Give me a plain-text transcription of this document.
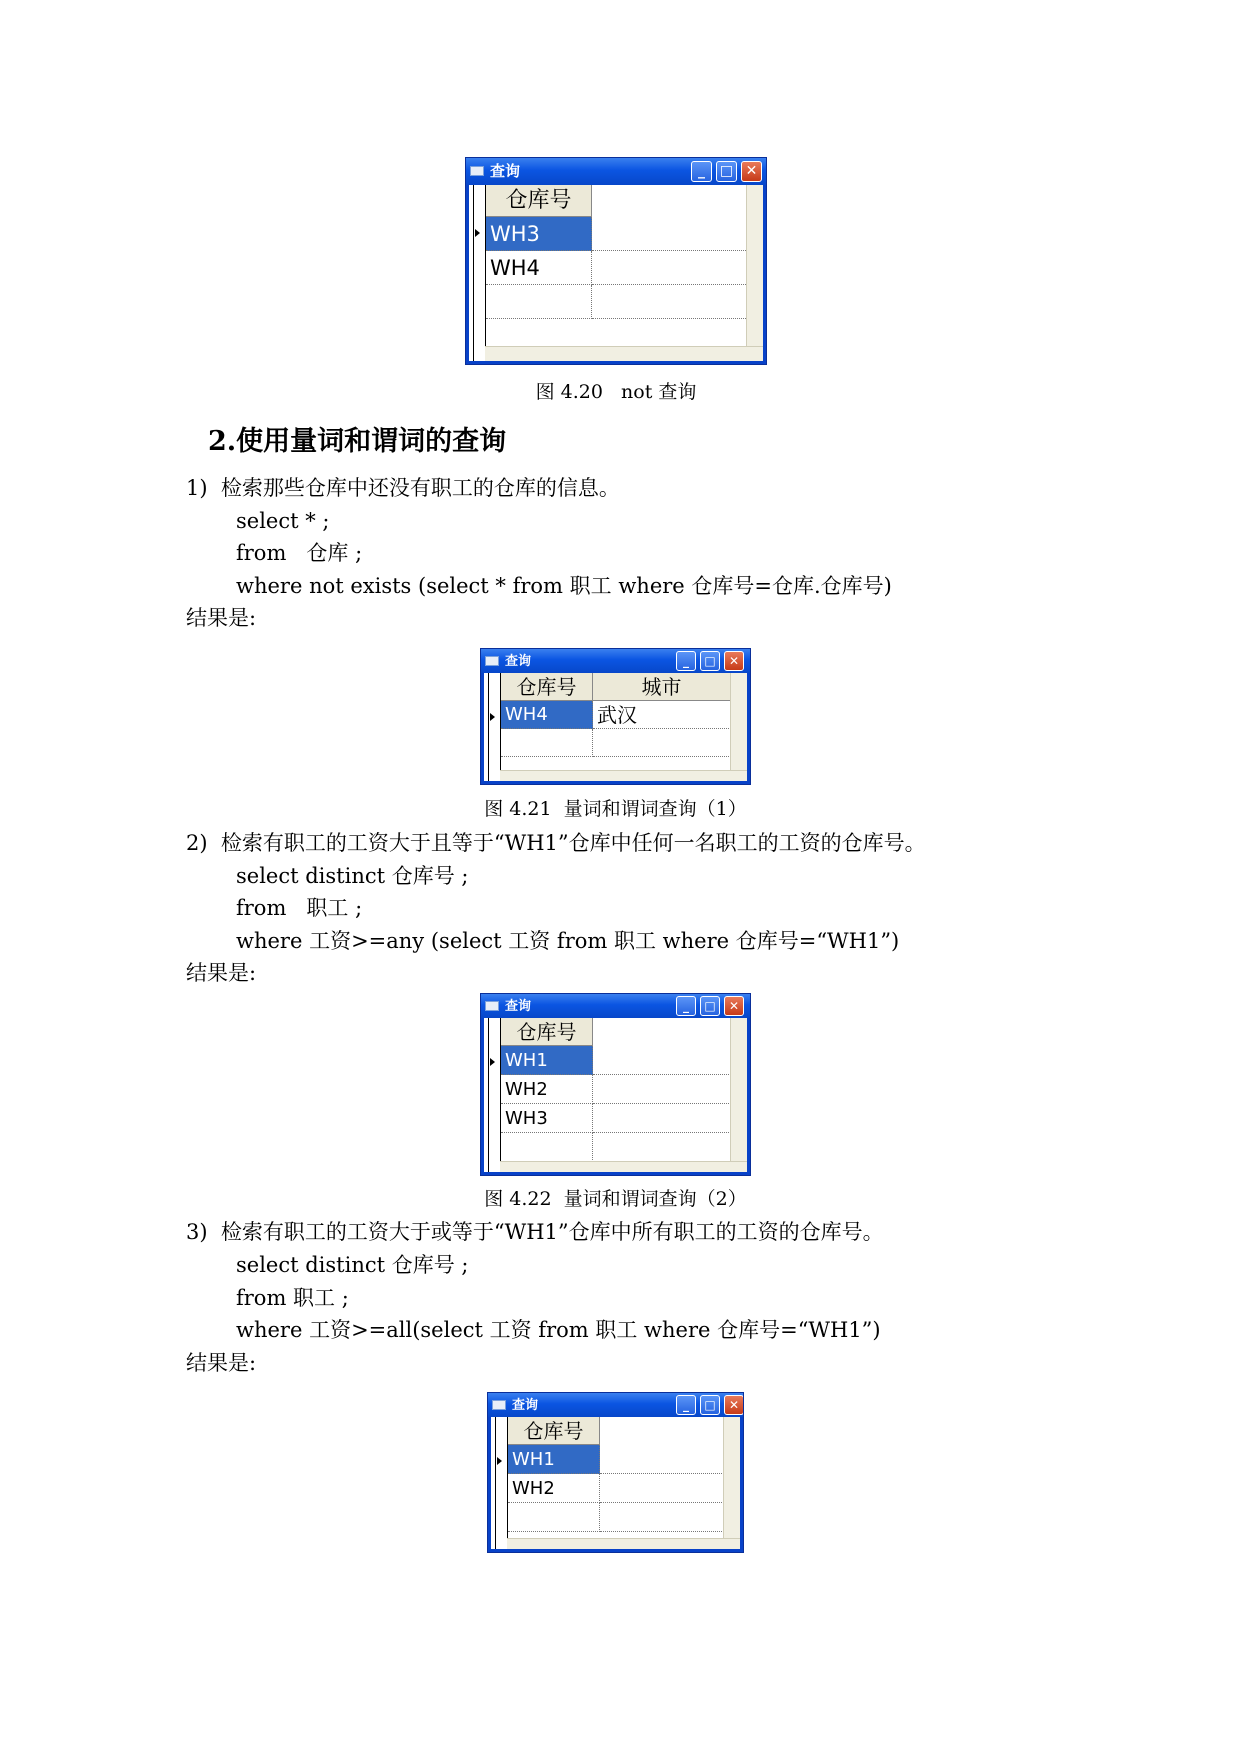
查询	_	□ ✕
仓库号
WH3
WH4
图 4.20   not 查询
2.使用量词和谓词的查询
1)  检索那些仓库中还没有职工的仓库的信息。
select * ;
from   仓库 ;
where not exists (select * from 职工 where 仓库号=仓库.仓库号)
结果是:
查询	_	□	✕
仓库号	城市
WH4	武汉
图 4.21  量词和谓词查询（1）
2)  检索有职工的工资大于且等于“WH1”仓库中任何一名职工的工资的仓库号。
select distinct 仓库号 ;
from   职工 ;
where 工资>=any (select 工资 from 职工 where 仓库号=“WH1”)
结果是:
查询	_	□	✕
仓库号
WH1
WH2
WH3
图 4.22  量词和谓词查询（2）
3)  检索有职工的工资大于或等于“WH1”仓库中所有职工的工资的仓库号。
select distinct 仓库号 ;
from 职工 ;
where 工资>=all(select 工资 from 职工 where 仓库号=“WH1”)
结果是:
查询	_	□	✕
仓库号
WH1
WH2
